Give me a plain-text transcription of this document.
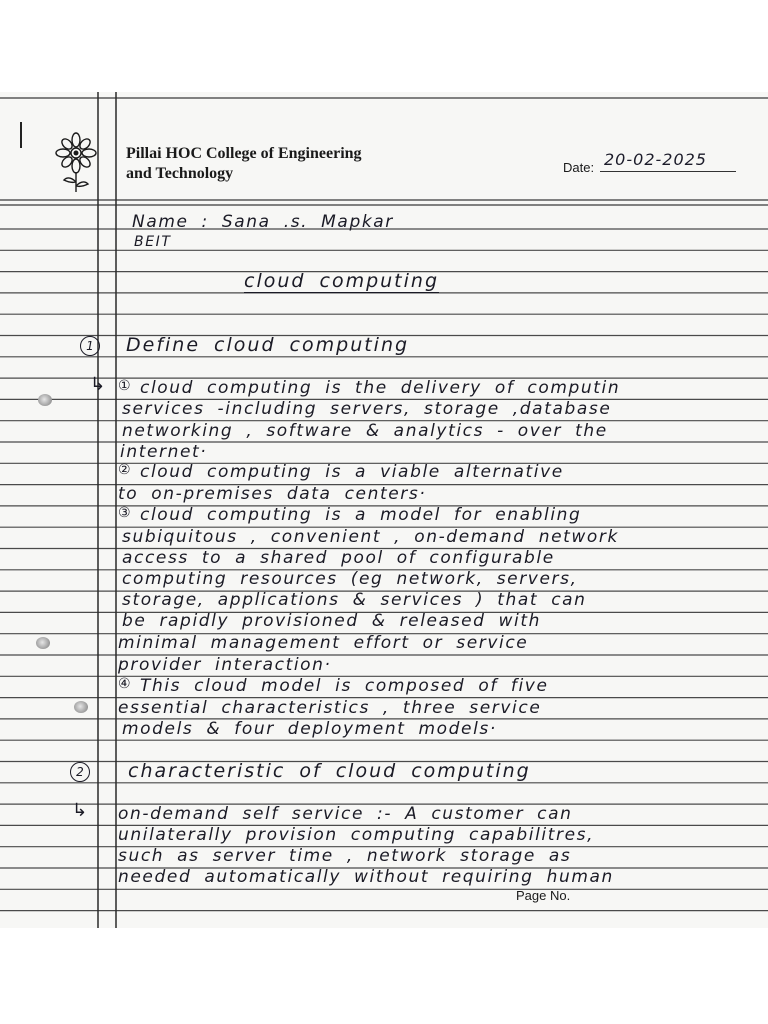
Pillai HOC College of Engineering
and Technology	Date: 20-02-2025
Name : Sana .s. Mapkar
BEIT
cloud computing
1	Define cloud computing
↳ ① cloud computing is the delivery of computin
services -including servers, storage ,database
networking , software & analytics - over the
internet·
② cloud computing is a viable alternative
to on-premises data centers·
③ cloud computing is a model for enabling
subiquitous , convenient , on-demand network
access to a shared pool of configurable
computing resources (eg network, servers,
storage, applications & services ) that can
be rapidly provisioned & released with
minimal management effort or service
provider interaction·
④ This cloud model is composed of five
essential characteristics , three service
models & four deployment models·
2	characteristic of cloud computing
↳ on-demand self service :- A customer can
unilaterally provision computing capabilitres,
such as server time , network storage as
needed automatically without requiring human
Page No.
